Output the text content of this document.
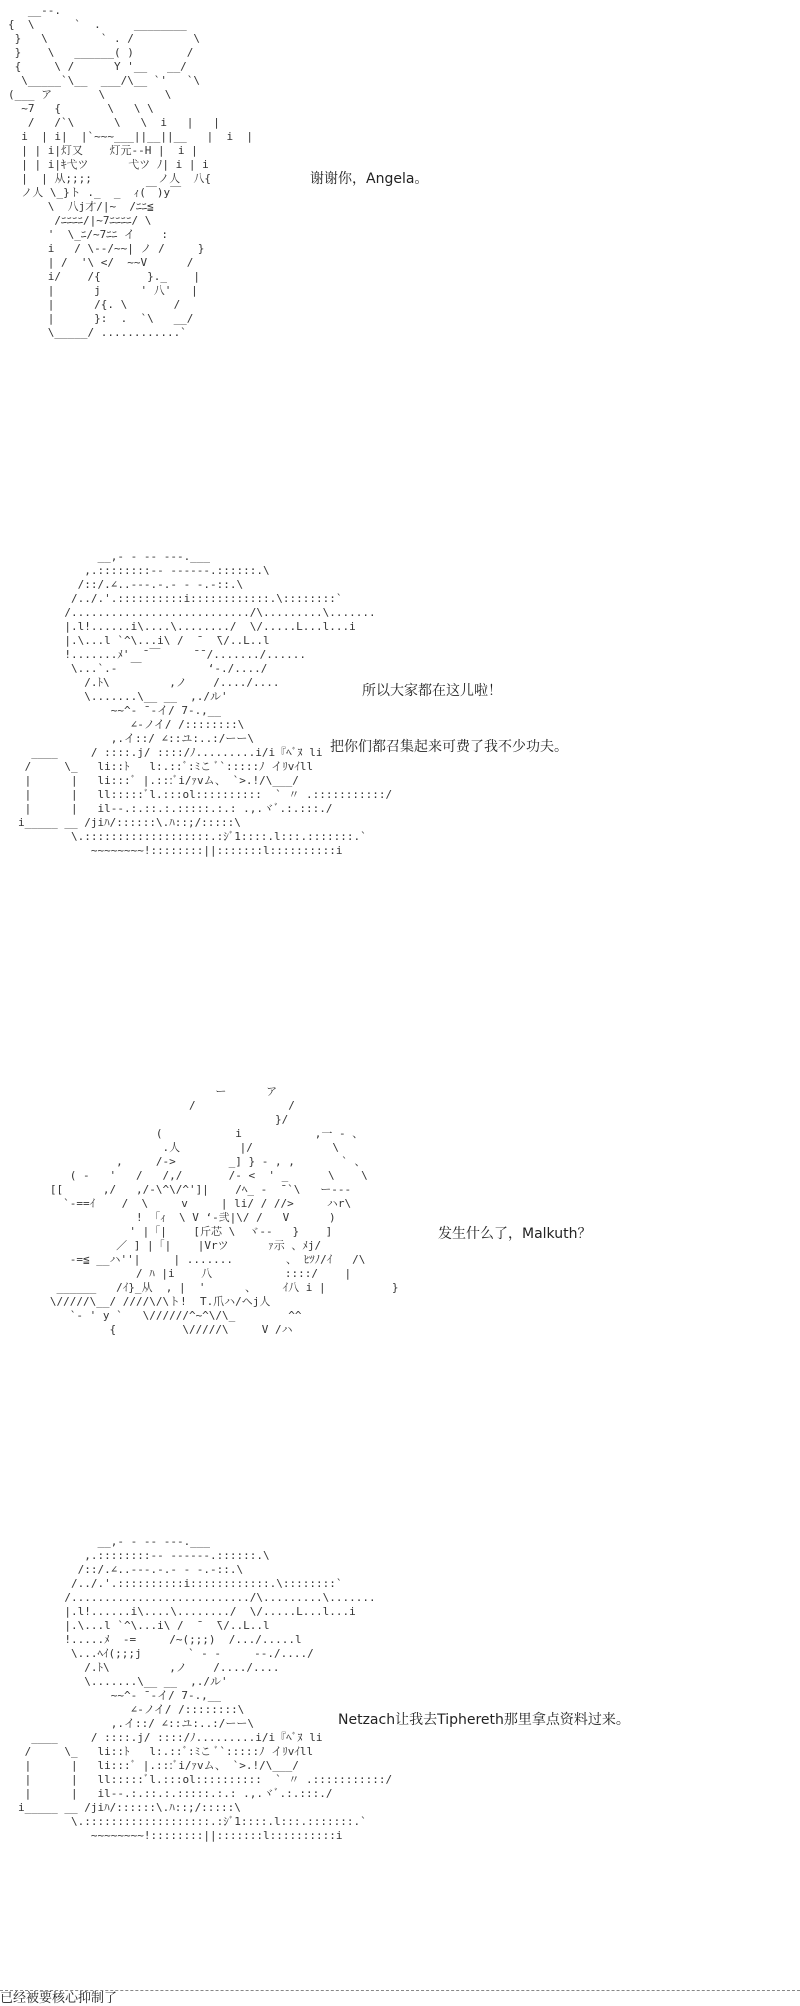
__--.
{  \      `  .     ________
}   \        ` . /         \
}    \   ______( )        /
{     \ /      Y '__   __/
\_____`\__  ___/\__ `'   `\
(___ ア       \         \
~7   {       \   \ \
/   /`\      \   \  i   |   |
i  | i|  |`~~~___||__||__   |  i  |
| | i|灯又    灯元--H |  i |
| | i|ｷ弋ツ      弋ツ ﾉ| i | i
|  | 从;;;;          ノ人  八{
ノ人 \_}ト ._  _  ｨ(￣)y￣
\  八j才/|~  /ﾆﾆ≦
/ﾆﾆﾆﾆ/|~7ﾆﾆﾆﾆ/ \
'  \_ﾆ/~7ﾆﾆ イ    :
i   / \-‐/~~| ノ /     }
| /  '\ </  ~~V      /
i/    /{       }._    |
|      j      ' 八'   |
|      /{. \       /
|      }:  .  `\   __/
\_____/ ............`
谢谢你，Angela。
__,- ‐ -- ‐-‐.___
,.::::::::-‐ ‐---‐-.::::::.\
/::/.∠..--‐.‐.‐ ‐ ‐.-::.\
/../.'.::::::::::i::::::::::::.\::::::::`
/.........................../\.........\.......
|.l!......i\....\......../  \/.....L...l...i
|.\...l `^\...i\ /  ̄   ̄\/..L..l
!.......ﾒ'  ̄ ￣     ̄ ̄ /......./......
\...`.-  ￣          ‘-./..../
/.ﾄ\         ,ノ    /..../....
\.......\__ __  ,./ル'
~~^‐ ̄ ‐イ/ 7-.,__
∠‐ノイ/ /::::::::\
,.イ::/ ∠::ユ:..:/ーー\
____     / ::::.j/ ::::/ﾉ.........i/i『ﾍﾞﾇ li
/     \_   li::ﾄ   l:.::ﾞ:ﾐこ ﾞ`:::::ﾉ イﾘvｲll
|      |   li:::ﾞ |.:::ﾞi/ｧvム、 `>.!/\___/
|      |   ll:::::ﾞl.:::ol::::::::::  ` 〃 .:::::::::::/
|      |   il--.:.::.:.:::::.:.: .,.ヾﾞ.:.:::./
i_____ __ /jiﾊ/::::::\.ﾊ::;/:::::\
\.:::::::::::::::::::.:ｼﾞ1::::.l:::.:::::::.`
~~~~~~~~!::::::::||:::::::l::::::::::i
所以大家都在这儿啦！
把你们都召集起来可费了我不少功夫。
ー      ア
/              /
}/
(           i           ,一 ‐ 、
.人         |/            \
,     /->        _] } ‐ , ,       ` 、
( ‐   '   /   /,/       /‐ <  ' _      \    \
[[      ,/   ,/‐\^\/^']|    /ﾍ_ ‐  ̄ `\   ー‐‐‐
`‐==ｲ    /  \     v     | li/ / //>     ハr\
! 「ｨ  \ V ‘‐弐|\/ /   V      )
' |「|    [斤芯 \  ヾ‐‐   }    ]
／ ] |「|    |Vrツ      ｧ示 、ﾒj/
‐=≦ __ハ''|     | .......        、 ﾋﾂﾉ/ｲ   /\
/ ﾊ |i    八           ::::/    |
______   /ｲ}_从  , |  '      、    ｲ八 i |          }
\/////\__/ ////\/\ト!  T.爪ハ/ヘj人
`‐ ' y `   \//////^~^\/\_        ^^
{          \/////\     V /ハ
发生什么了，Malkuth？
__,- ‐ -- ‐-‐.___
,.::::::::-‐ ‐---‐-.::::::.\
/::/.∠..--‐.‐.‐ ‐ ‐.-::.\
/../.'.::::::::::i::::::::::::.\::::::::`
/.........................../\.........\.......
|.l!......i\....\......../  \/.....L...l...i
|.\...l `^\...i\ /  ̄   ̄\/..L..l
!.....ﾒ  ‐=     /~(;;;)  /.../.....l
\...ﾍｲ(;;;j       ` ‐ ‐     -‐./..../
/.ﾄ\         ,ノ    /..../....
\.......\__ __  ,./ル'
~~^‐ ̄ ‐イ/ 7-.,__
∠‐ノイ/ /::::::::\
,.イ::/ ∠::ユ:..:/ーー\
____     / ::::.j/ ::::/ﾉ.........i/i『ﾍﾞﾇ li
/     \_   li::ﾄ   l:.::ﾞ:ﾐこ ﾞ`:::::ﾉ イﾘvｲll
|      |   li:::ﾞ |.:::ﾞi/ｧvム、 `>.!/\___/
|      |   ll:::::ﾞl.:::ol::::::::::  ` 〃 .:::::::::::/
|      |   il--.:.::.:.:::::.:.: .,.ヾﾞ.:.:::./
i_____ __ /jiﾊ/::::::\.ﾊ::;/:::::\
\.:::::::::::::::::::.:ｼﾞ1::::.l:::.:::::::.`
~~~~~~~~!::::::::||:::::::l::::::::::i
Netzach让我去Tiphereth那里拿点资料过来。
已经被要核心抑制了
